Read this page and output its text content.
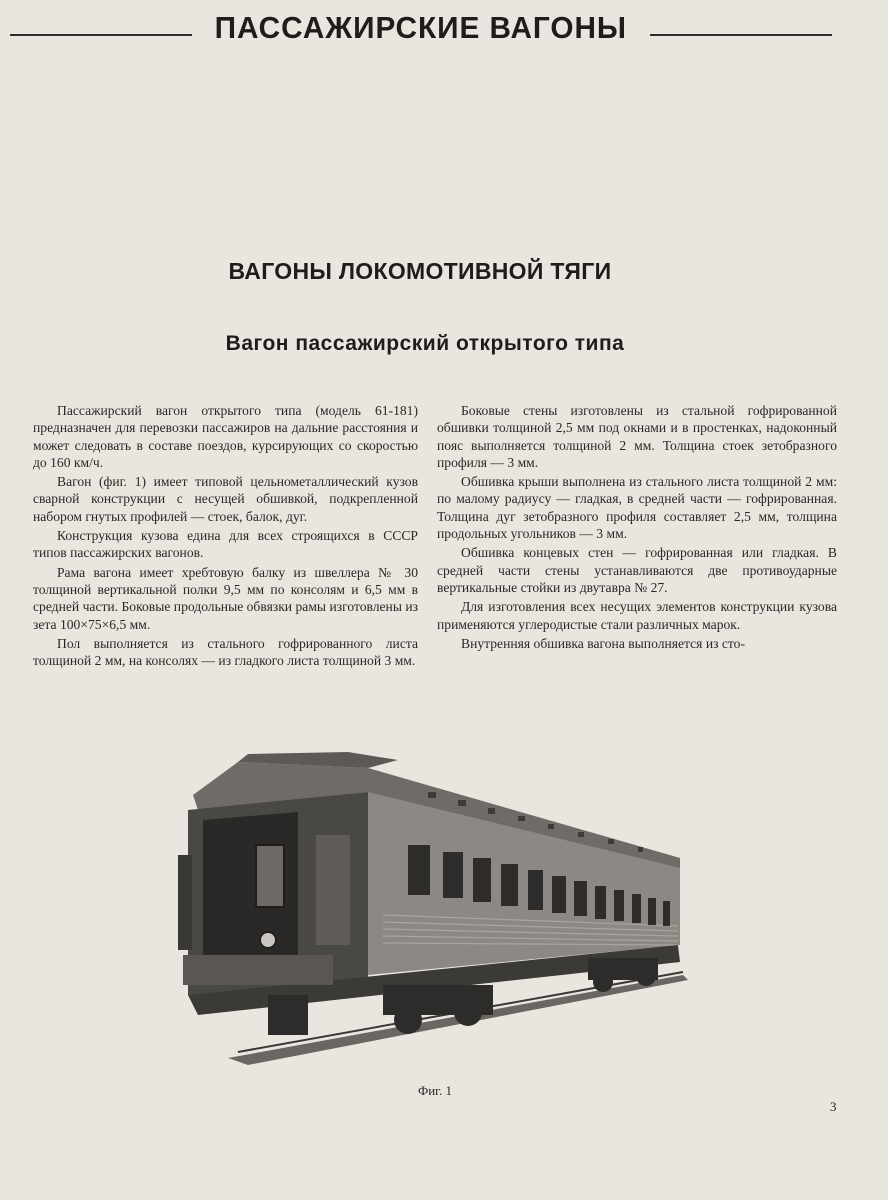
ПАССАЖИРСКИЕ ВАГОНЫ
ВАГОНЫ ЛОКОМОТИВНОЙ ТЯГИ
Вагон пассажирский открытого типа

Пассажирский вагон открытого типа (модель 61-181) предназначен для перевозки пассажиров на дальние расстояния и может следовать в составе поездов, курсирующих со скоростью до 160 км/ч.

Вагон (фиг. 1) имеет типовой цельнометаллический кузов сварной конструкции с несущей обшивкой, подкрепленной набором гнутых профилей — стоек, балок, дуг.

Конструкция кузова едина для всех строящихся в СССР типов пассажирских вагонов.

Рама вагона имеет хребтовую балку из швеллера № 30 толщиной вертикальной полки 9,5 мм по консолям и 6,5 мм в средней части. Боковые продольные обвязки рамы изготовлены из зета 100×75×6,5 мм.

Пол выполняется из стального гофрированного листа толщиной 2 мм, на консолях — из гладкого листа толщиной 3 мм.

Боковые стены изготовлены из стальной гофрированной обшивки толщиной 2,5 мм под окнами и в простенках, надоконный пояс выполняется толщиной 2 мм. Толщина стоек зетобразного профиля — 3 мм.

Обшивка крыши выполнена из стального листа толщиной 2 мм: по малому радиусу — гладкая, в средней части — гофрированная. Толщина дуг зетобразного профиля составляет 2,5 мм, толщина продольных угольников — 3 мм.

Обшивка концевых стен — гофрированная или гладкая. В средней части стены устанавливаются две противоударные вертикальные стойки из двутавра № 27.

Для изготовления всех несущих элементов конструкции кузова применяются углеродистые стали различных марок.

Внутренняя обшивка вагона выполняется из сто-

Фиг. 1
3
